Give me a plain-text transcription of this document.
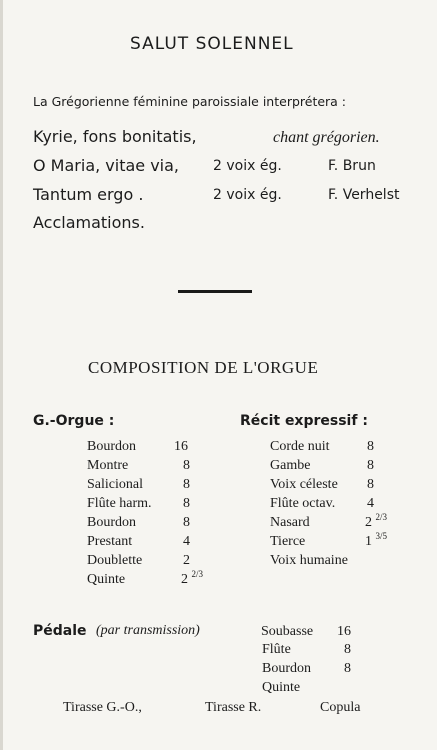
SALUT SOLENNEL
La Grégorienne féminine paroissiale interprétera :
Kyrie, fons bonitatis,	chant grégorien.
O Maria, vitae via, 2 voix ég.	F. Brun
Tantum ergo .	2 voix ég.	F. Verhelst
Acclamations.
COMPOSITION DE L'ORGUE
G.-Orgue :	Récit expressif :
Bourdon	16
Montre	8
Salicional	8
Flûte harm. 8
Bourdon	8
Prestant	4
Doublette	2
Quinte	2 $^{2/3}$
Corde nuit	8
Gambe	8
Voix céleste 8
Flûte octav. 4
Nasard	2 $^{2/3}$
Tierce	1 $^{3/5}$
Voix humaine
Pédale (par transmission)	Soubasse 16
Flûte	8
Bourdon 8
Quinte
Tirasse G.-O.,	Tirasse R.	Copula
